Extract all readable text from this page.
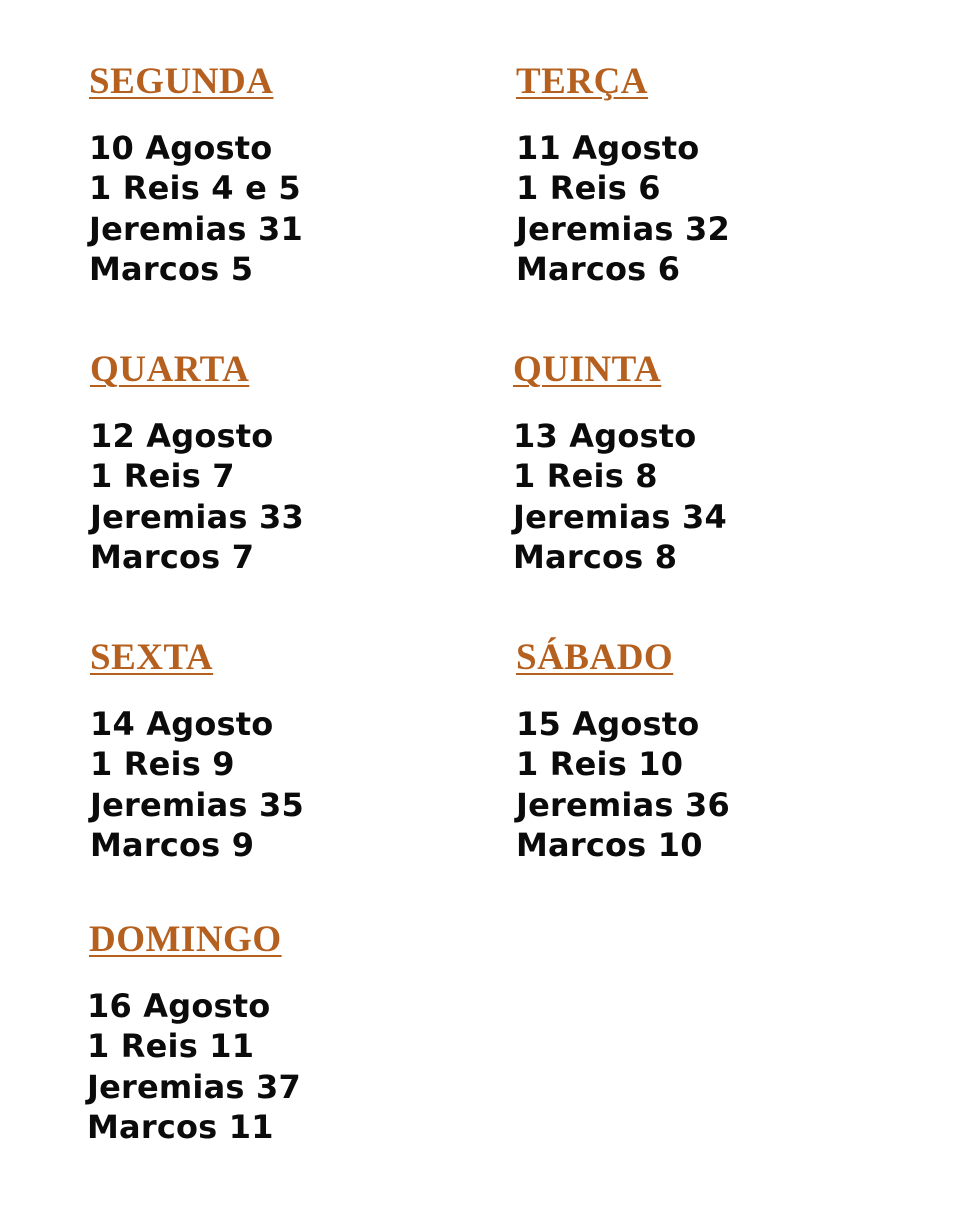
SEGUNDA
10 Agosto
1 Reis 4 e 5
Jeremias 31
Marcos 5
TERÇA
11 Agosto
1 Reis 6
Jeremias 32
Marcos 6
QUARTA
12 Agosto
1 Reis 7
Jeremias 33
Marcos 7
QUINTA
13 Agosto
1 Reis 8
Jeremias 34
Marcos 8
SEXTA
14 Agosto
1 Reis 9
Jeremias 35
Marcos 9
SÁBADO
15 Agosto
1 Reis 10
Jeremias 36
Marcos 10
DOMINGO
16 Agosto
1 Reis 11
Jeremias 37
Marcos 11
